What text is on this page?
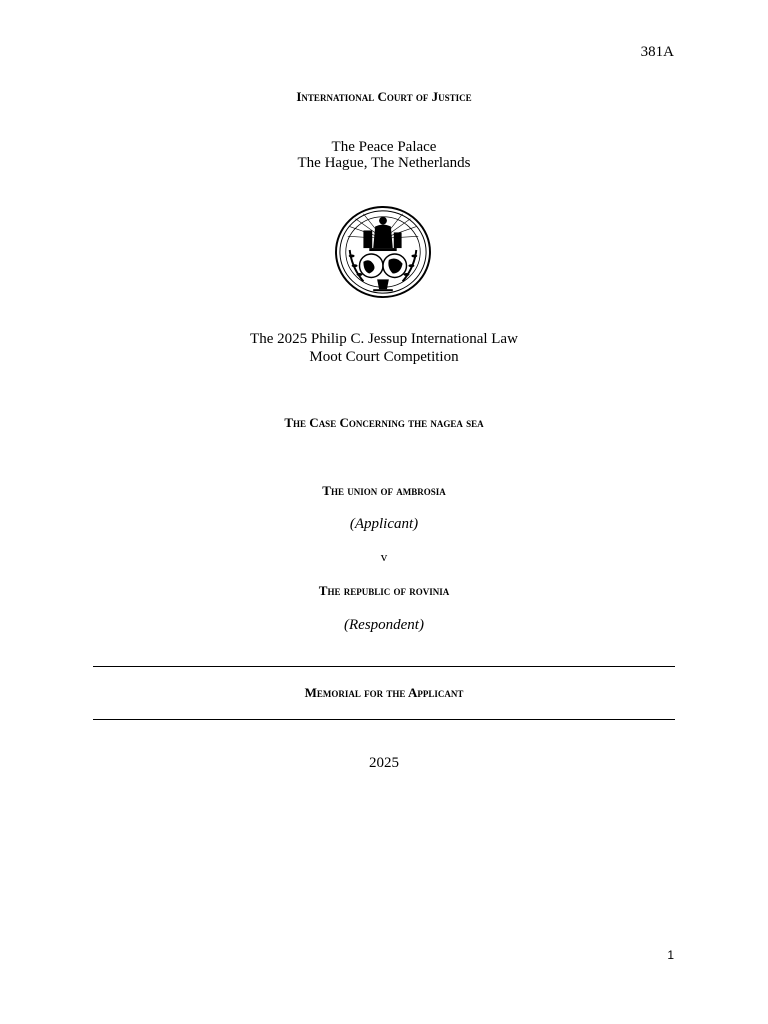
381A
International Court of Justice
The Peace Palace
The Hague, The Netherlands
The 2025 Philip C. Jessup International Law
Moot Court Competition
The Case Concerning the nagea sea
The union of ambrosia
(Applicant)
v
The republic of rovinia
(Respondent)
Memorial for the Applicant
2025
1
